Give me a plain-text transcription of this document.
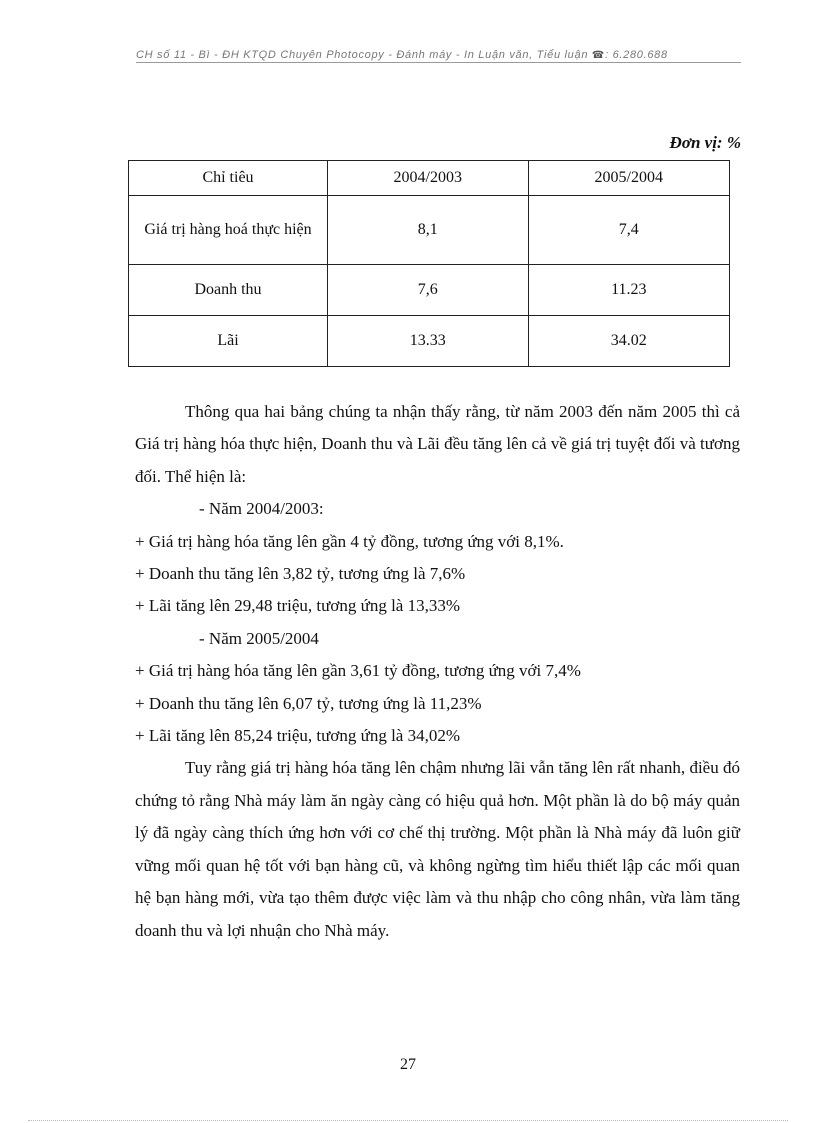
CH số 11 - Bì - ĐH KTQD Chuyên Photocopy - Đánh máy - In Luận văn, Tiểu luận ☎: 6.280.688
Đơn vị: %
Chỉ tiêu	2004/2003	2005/2004
Giá trị hàng hoá thực hiện	8,1	7,4
Doanh thu	7,6	11.23
Lãi	13.33	34.02

Thông qua hai bảng chúng ta nhận thấy rằng, từ năm 2003 đến năm 2005 thì cả Giá trị hàng hóa thực hiện, Doanh thu và Lãi đều tăng lên cả về giá trị tuyệt đối và tương đối. Thể hiện là:

- Năm 2004/2003:

+ Giá trị hàng hóa tăng lên gần 4 tỷ đồng, tương ứng với 8,1%.

+ Doanh thu tăng lên 3,82 tỷ, tương ứng là 7,6%

+ Lãi tăng lên 29,48 triệu, tương ứng là 13,33%

- Năm 2005/2004

+ Giá trị hàng hóa tăng lên gần 3,61 tỷ đồng, tương ứng với 7,4%

+ Doanh thu tăng lên 6,07 tỷ, tương ứng là 11,23%

+ Lãi tăng lên 85,24 triệu, tương ứng là 34,02%

Tuy rằng giá trị hàng hóa tăng lên chậm nhưng lãi vẫn tăng lên rất nhanh, điều đó chứng tỏ rằng Nhà máy làm ăn ngày càng có hiệu quả hơn. Một phần là do bộ máy quản lý đã ngày càng thích ứng hơn với cơ chế thị trường. Một phần là Nhà máy đã luôn giữ vững mối quan hệ tốt với bạn hàng cũ, và không ngừng tìm hiểu thiết lập các mối quan hệ bạn hàng mới, vừa tạo thêm được việc làm và thu nhập cho công nhân, vừa làm tăng doanh thu và lợi nhuận cho Nhà máy.

27
